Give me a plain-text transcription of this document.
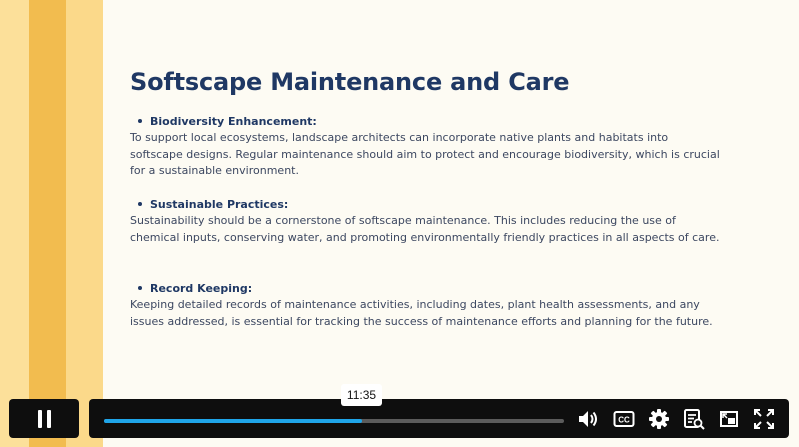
Softscape Maintenance and Care
Biodiversity Enhancement:

To support local ecosystems, landscape architects can incorporate native plants and habitats into softscape designs. Regular maintenance should aim to protect and encourage biodiversity, which is crucial for a sustainable environment.

Sustainable Practices:

Sustainability should be a cornerstone of softscape maintenance. This includes reducing the use of chemical inputs, conserving water, and promoting environmentally friendly practices in all aspects of care.

Record Keeping:

Keeping detailed records of maintenance activities, including dates, plant health assessments, and any issues addressed, is essential for tracking the success of maintenance efforts and planning for the future.

CC
11:35
